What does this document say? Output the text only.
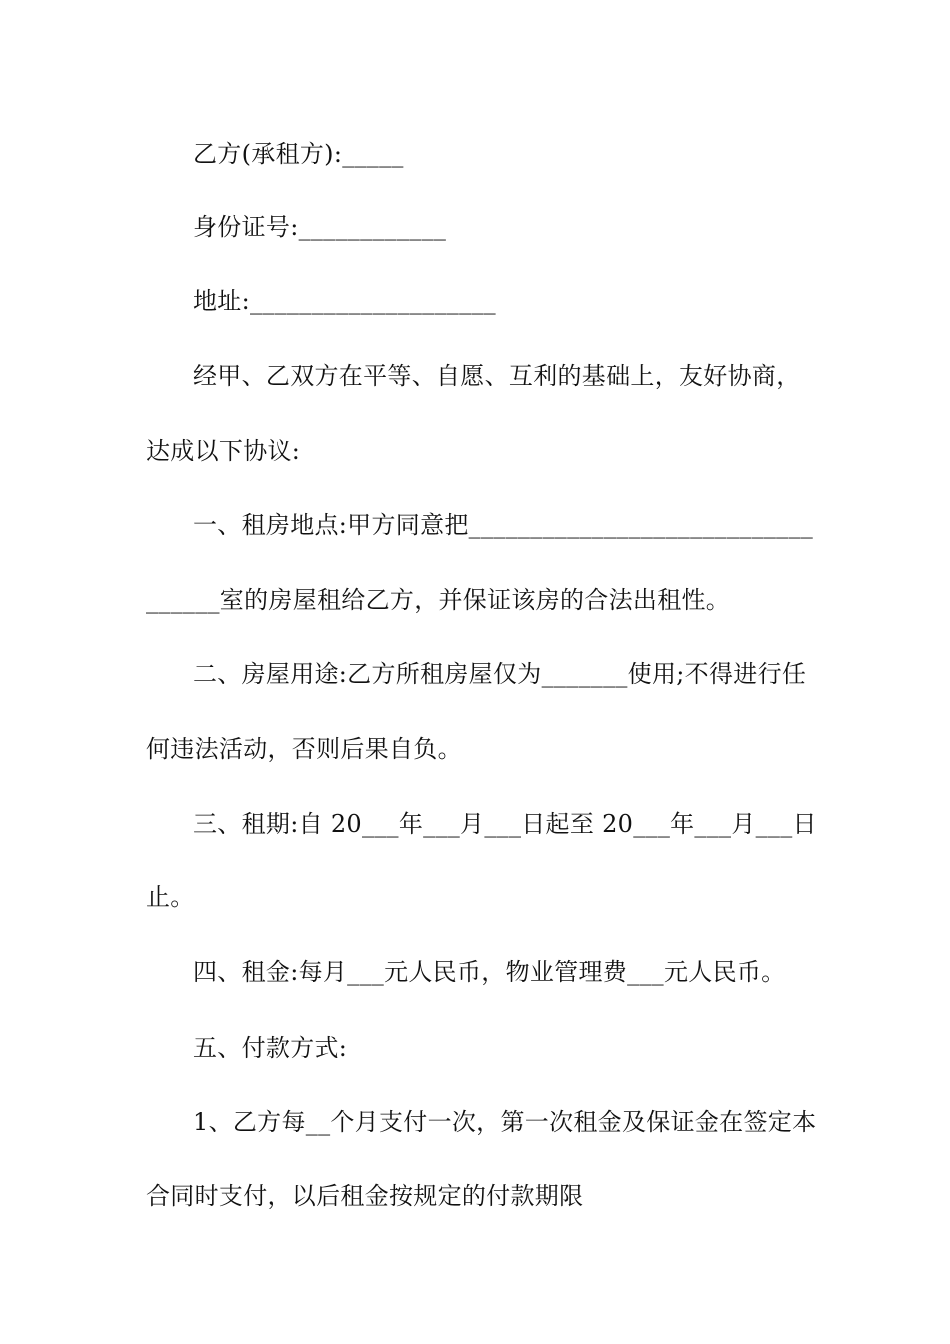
乙方(承租方):_____
身份证号:____________
地址:____________________
经甲、乙双方在平等、自愿、互利的基础上，友好协商，
达成以下协议:
一、租房地点:甲方同意把____________________________
______室的房屋租给乙方，并保证该房的合法出租性。
二、房屋用途:乙方所租房屋仅为_______使用;不得进行任
何违法活动，否则后果自负。
三、租期:自 20___年___月___日起至 20___年___月___日
止。
四、租金:每月___元人民币，物业管理费___元人民币。
五、付款方式:
1、乙方每__个月支付一次，第一次租金及保证金在签定本
合同时支付，以后租金按规定的付款期限
